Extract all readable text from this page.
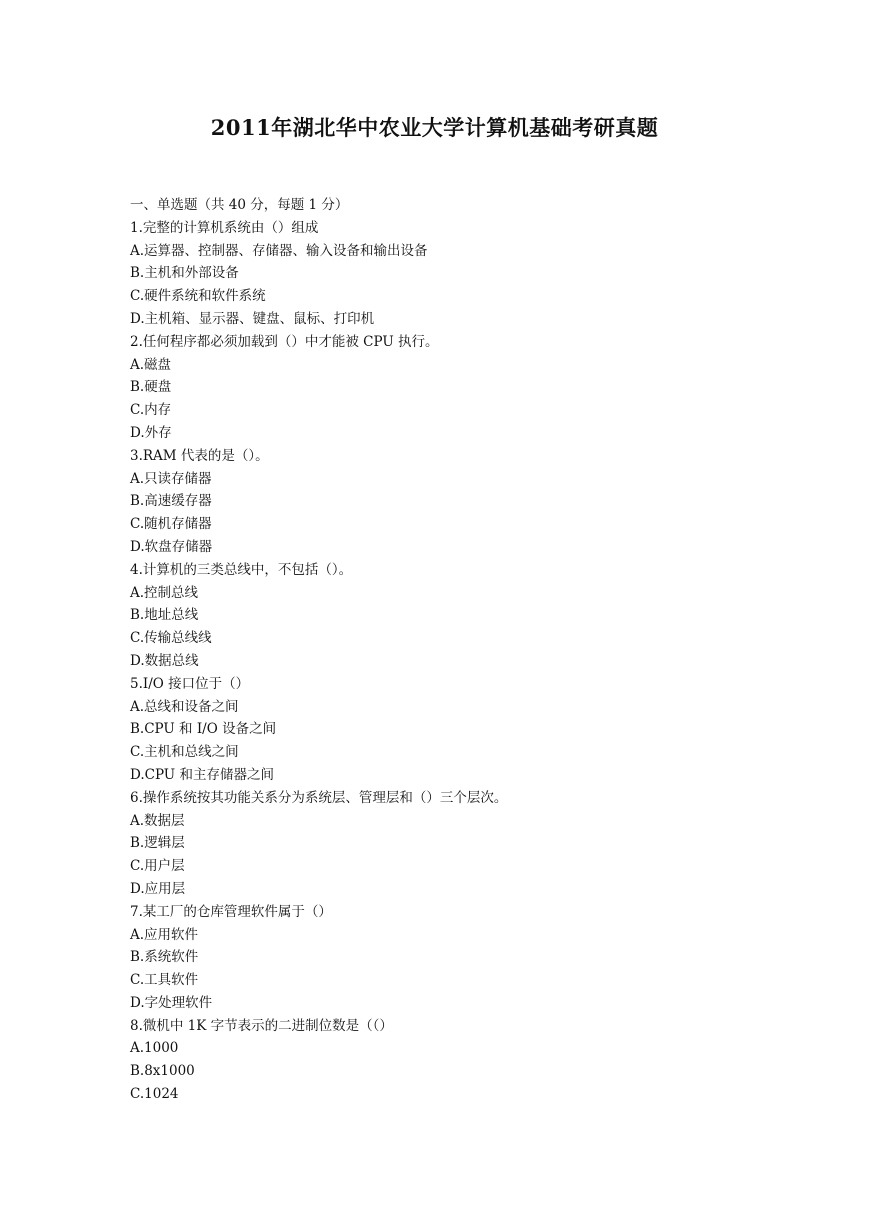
2011年湖北华中农业大学计算机基础考研真题
一、单选题（共 40 分，每题 1 分）
1.完整的计算机系统由（）组成
A.运算器、控制器、存储器、输入设备和输出设备
B.主机和外部设备
C.硬件系统和软件系统
D.主机箱、显示器、键盘、鼠标、打印机
2.任何程序都必须加载到（）中才能被 CPU 执行。
A.磁盘
B.硬盘
C.内存
D.外存
3.RAM 代表的是（）。
A.只读存储器
B.高速缓存器
C.随机存储器
D.软盘存储器
4.计算机的三类总线中，不包括（）。
A.控制总线
B.地址总线
C.传输总线线
D.数据总线
5.I/O 接口位于（）
A.总线和设备之间
B.CPU 和 I/O 设备之间
C.主机和总线之间
D.CPU 和主存储器之间
6.操作系统按其功能关系分为系统层、管理层和（）三个层次。
A.数据层
B.逻辑层
C.用户层
D.应用层
7.某工厂的仓库管理软件属于（）
A.应用软件
B.系统软件
C.工具软件
D.字处理软件
8.微机中 1K 字节表示的二进制位数是（（）
A.1000
B.8x1000
C.1024
